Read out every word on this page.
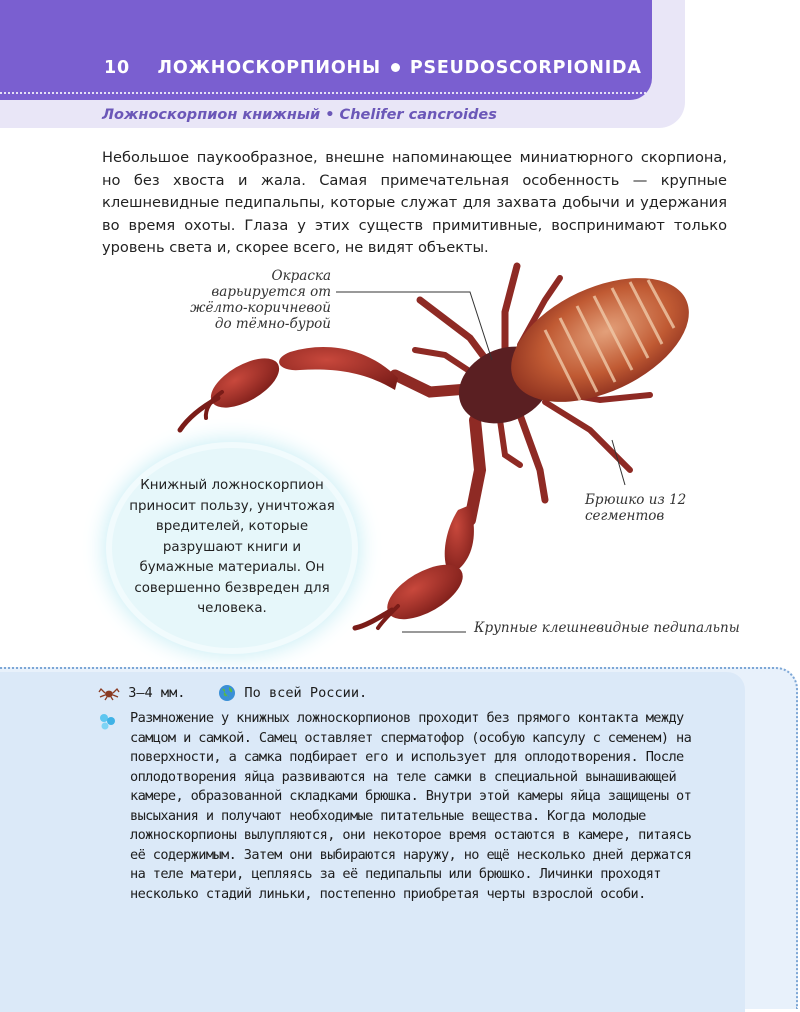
10 ЛОЖНОСКОРПИОНЫ PSEUDOSCORPIONIDA
Ложноскорпион книжный • Chelifer cancroides
Небольшое паукообразное, внешне напоминающее миниатюрного скорпиона, но без хвоста и жала. Самая примечательная особенность — крупные клешневидные педипальпы, которые служат для захвата добычи и удержания во время охоты. Глаза у этих существ примитивные, воспринимают только уровень света и, скорее всего, не видят объекты.
Книжный ложноскорпион приносит пользу, уничтожая вредителей, которые разрушают книги и бумажные материалы. Он совершенно безвреден для человека.
Окраска варьируется от жёлто-коричневой до тёмно-бурой
Брюшко из 12 сегментов
Крупные клешневидные педипальпы
3–4 мм.	По всей России.
Размножение у книжных ложноскорпионов проходит без прямого контакта между самцом и самкой. Самец оставляет сперматофор (особую капсулу с семенем) на поверхности, а самка подбирает его и использует для оплодотворения. После оплодотворения яйца развиваются на теле самки в специальной вынашивающей камере, образованной складками брюшка. Внутри этой камеры яйца защищены от высыхания и получают необходимые питательные вещества. Когда молодые ложноскорпионы вылупляются, они некоторое время остаются в камере, питаясь её содержимым. Затем они выбираются наружу, но ещё несколько дней держатся на теле матери, цепляясь за её педипальпы или брюшко. Личинки проходят несколько стадий линьки, постепенно приобретая черты взрослой особи.
